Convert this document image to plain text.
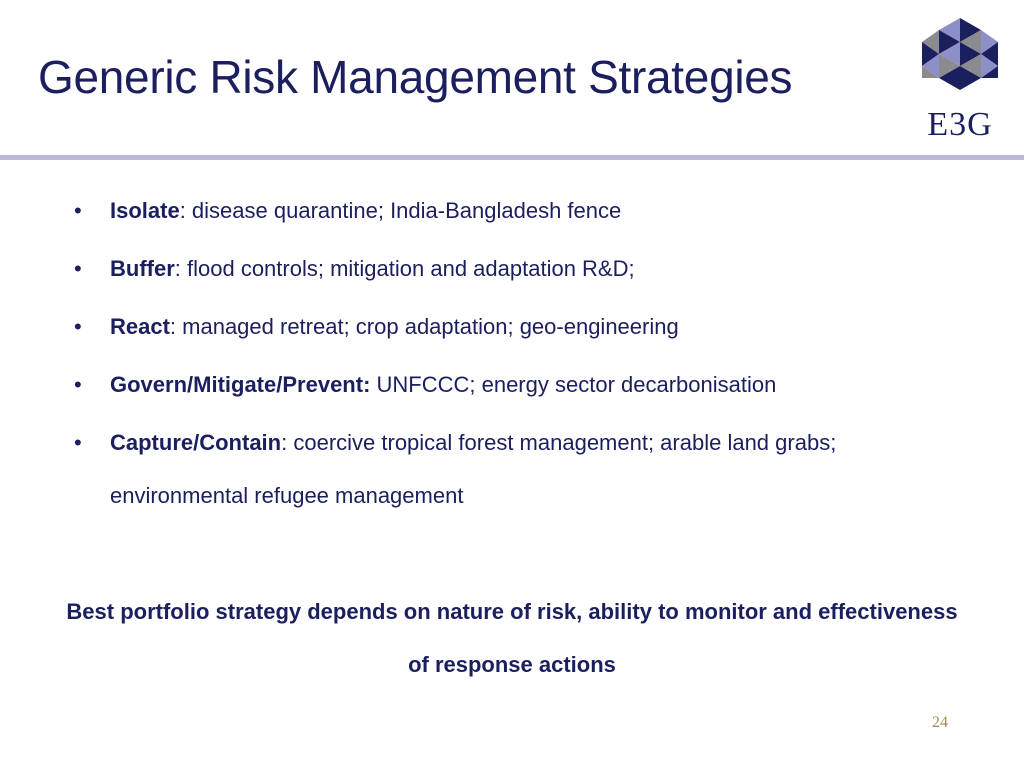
Generic Risk Management Strategies
E3G
• Isolate: disease quarantine; India-Bangladesh fence
• Buffer: flood controls; mitigation and adaptation R&D;
• React: managed retreat; crop adaptation; geo-engineering
• Govern/Mitigate/Prevent: UNFCCC; energy sector decarbonisation
• Capture/Contain: coercive tropical forest management; arable land grabs; environmental refugee management
Best portfolio strategy depends on nature of risk, ability to monitor and effectiveness of response actions
24
